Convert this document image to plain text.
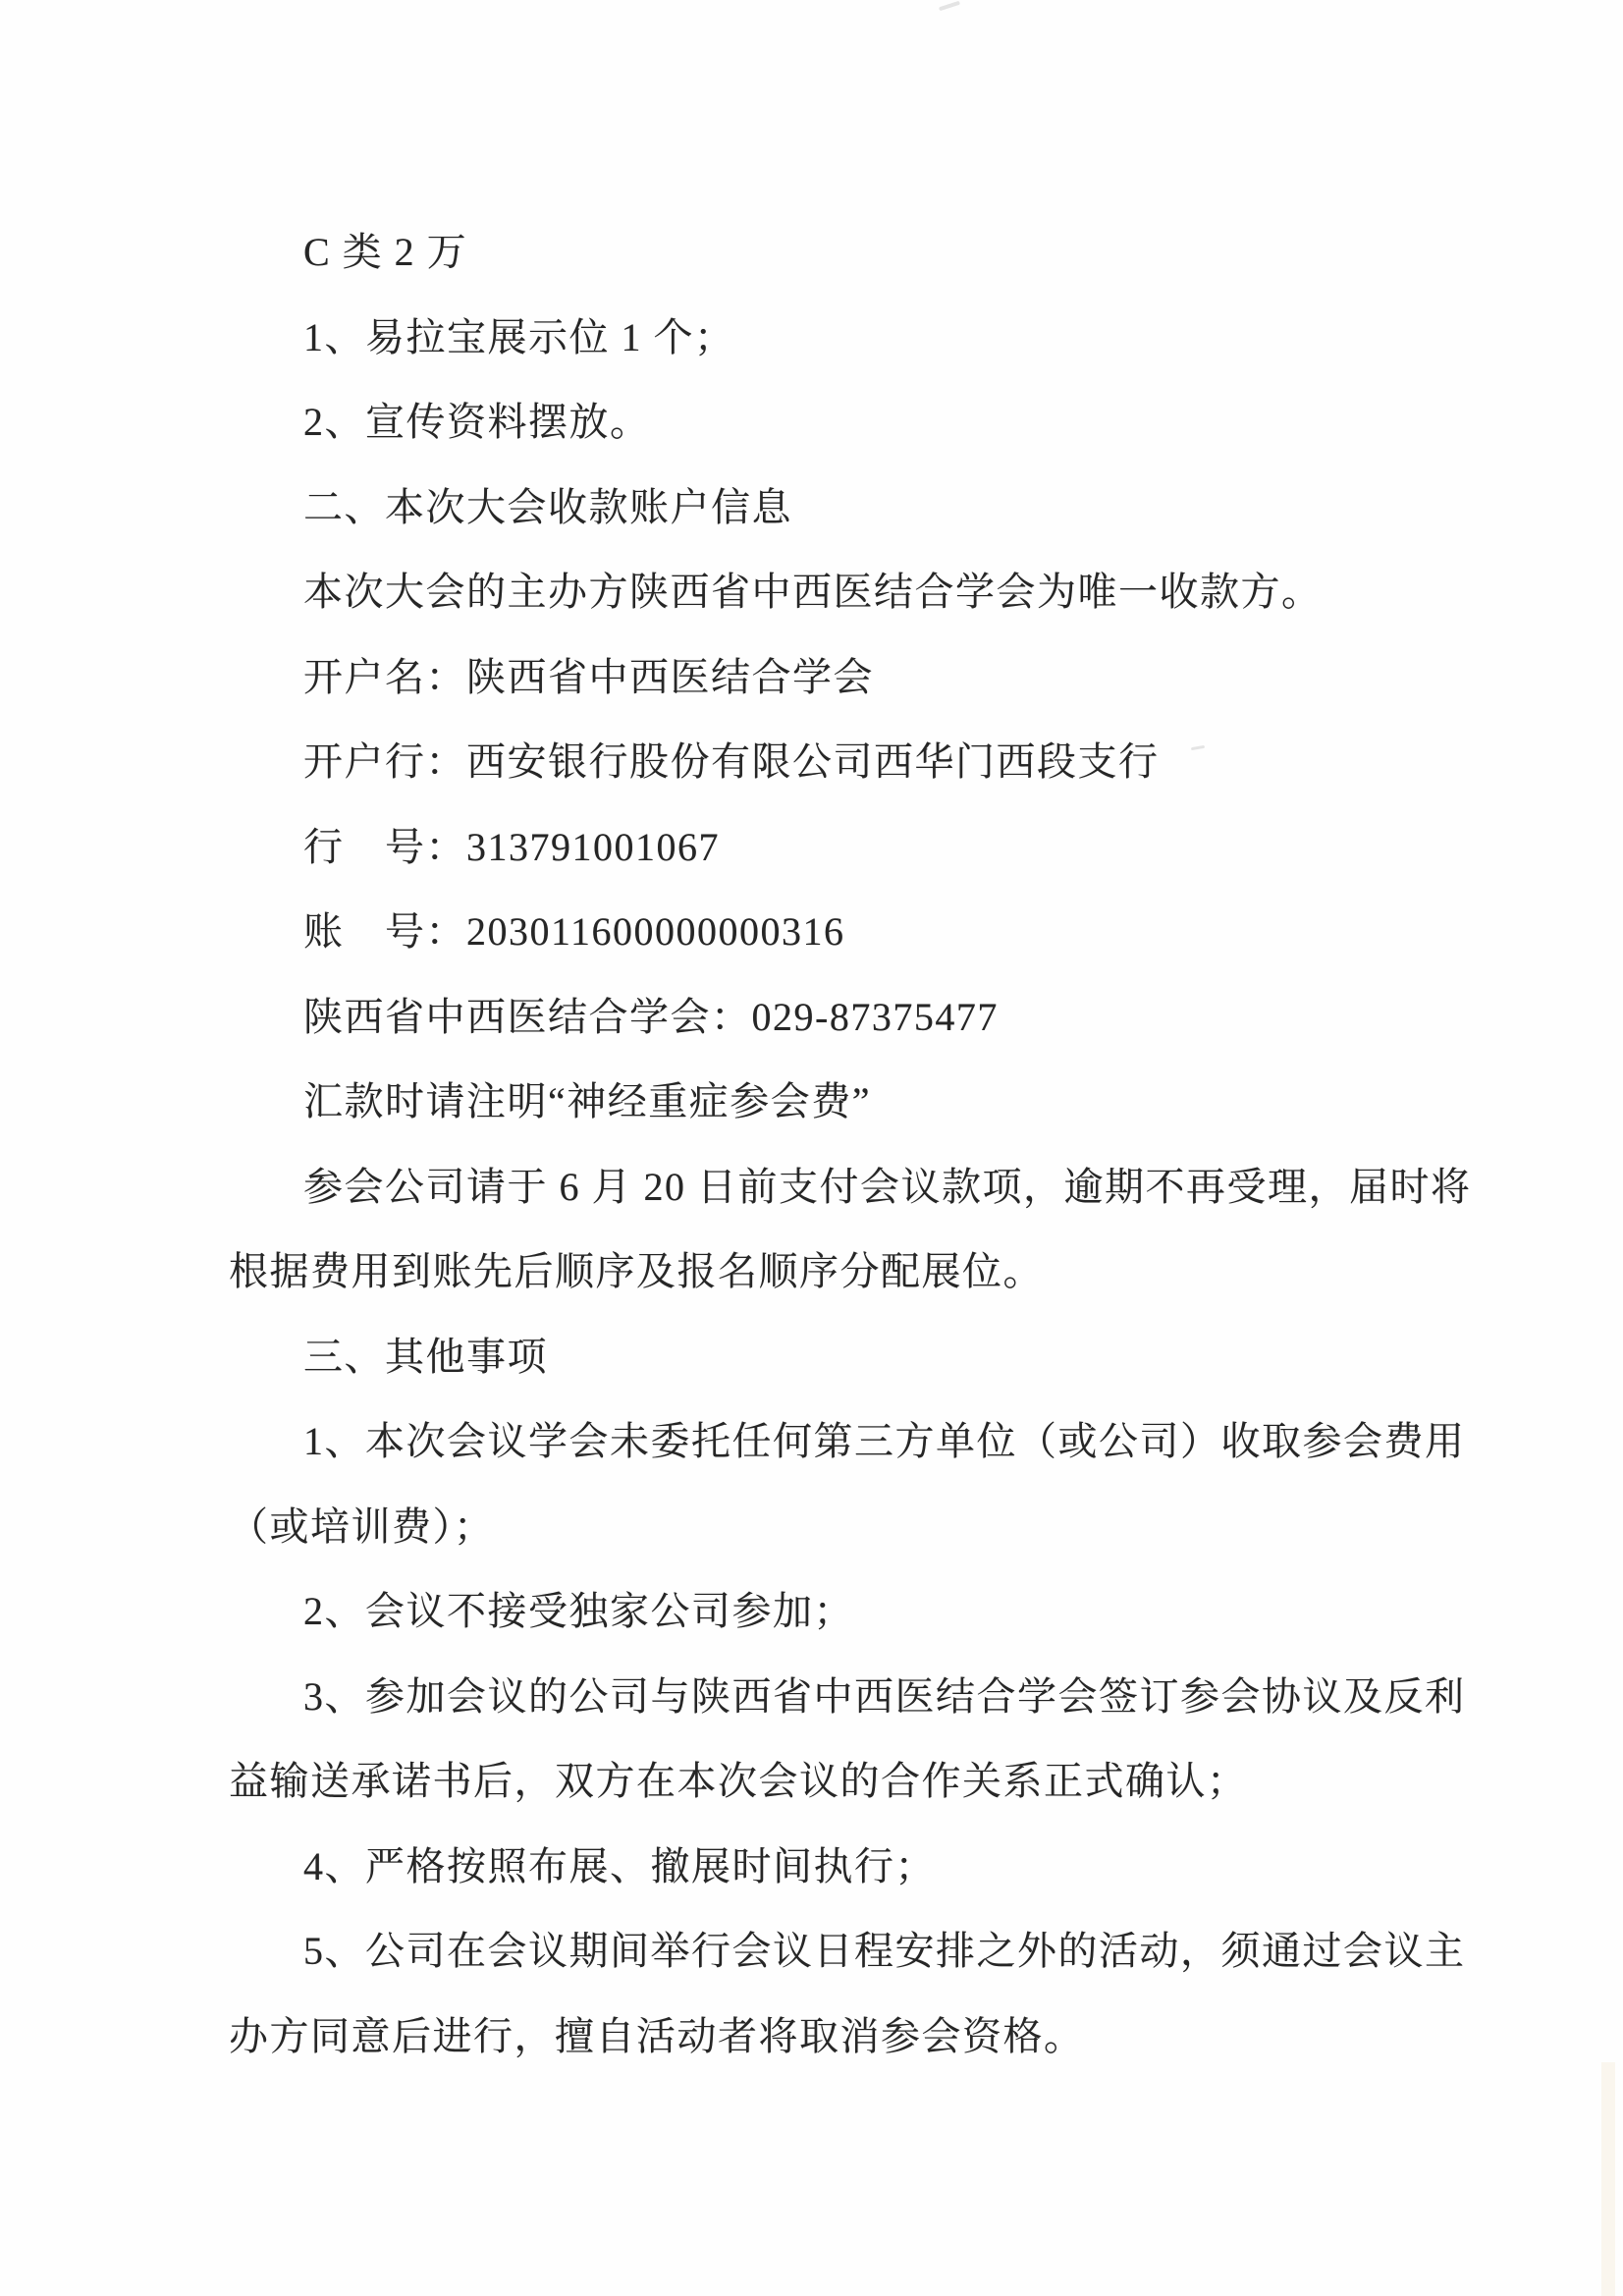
C 类 2 万
1、易拉宝展示位 1 个；
2、宣传资料摆放。
二、本次大会收款账户信息
本次大会的主办方陕西省中西医结合学会为唯一收款方。
开户名：陕西省中西医结合学会
开户行：西安银行股份有限公司西华门西段支行
行　号：313791001067
账　号：203011600000000316
陕西省中西医结合学会：029-87375477
汇款时请注明“神经重症参会费”
参会公司请于 6 月 20 日前支付会议款项，逾期不再受理，届时将
根据费用到账先后顺序及报名顺序分配展位。
三、其他事项
1、本次会议学会未委托任何第三方单位（或公司）收取参会费用
（或培训费）；
2、会议不接受独家公司参加；
3、参加会议的公司与陕西省中西医结合学会签订参会协议及反利
益输送承诺书后，双方在本次会议的合作关系正式确认；
4、严格按照布展、撤展时间执行；
5、公司在会议期间举行会议日程安排之外的活动，须通过会议主
办方同意后进行，擅自活动者将取消参会资格。
